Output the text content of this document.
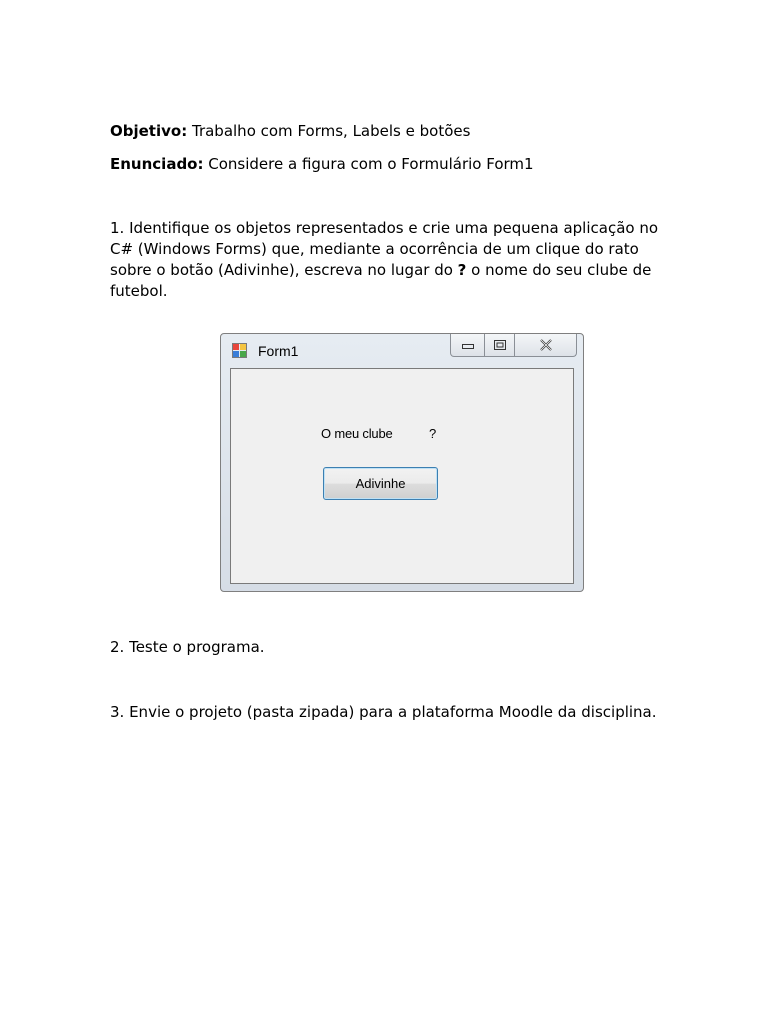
Objetivo: Trabalho com Forms, Labels e botões
Enunciado: Considere a figura com o Formulário Form1
1. Identifique os objetos representados e crie uma pequena aplicação no C# (Windows Forms) que, mediante a ocorrência de um clique do rato sobre o botão (Adivinhe), escreva no lugar do ? o nome do seu clube de futebol.
2. Teste o programa.
3. Envie o projeto (pasta zipada) para a plataforma Moodle da disciplina.
Form1
O meu clube	?
Adivinhe
